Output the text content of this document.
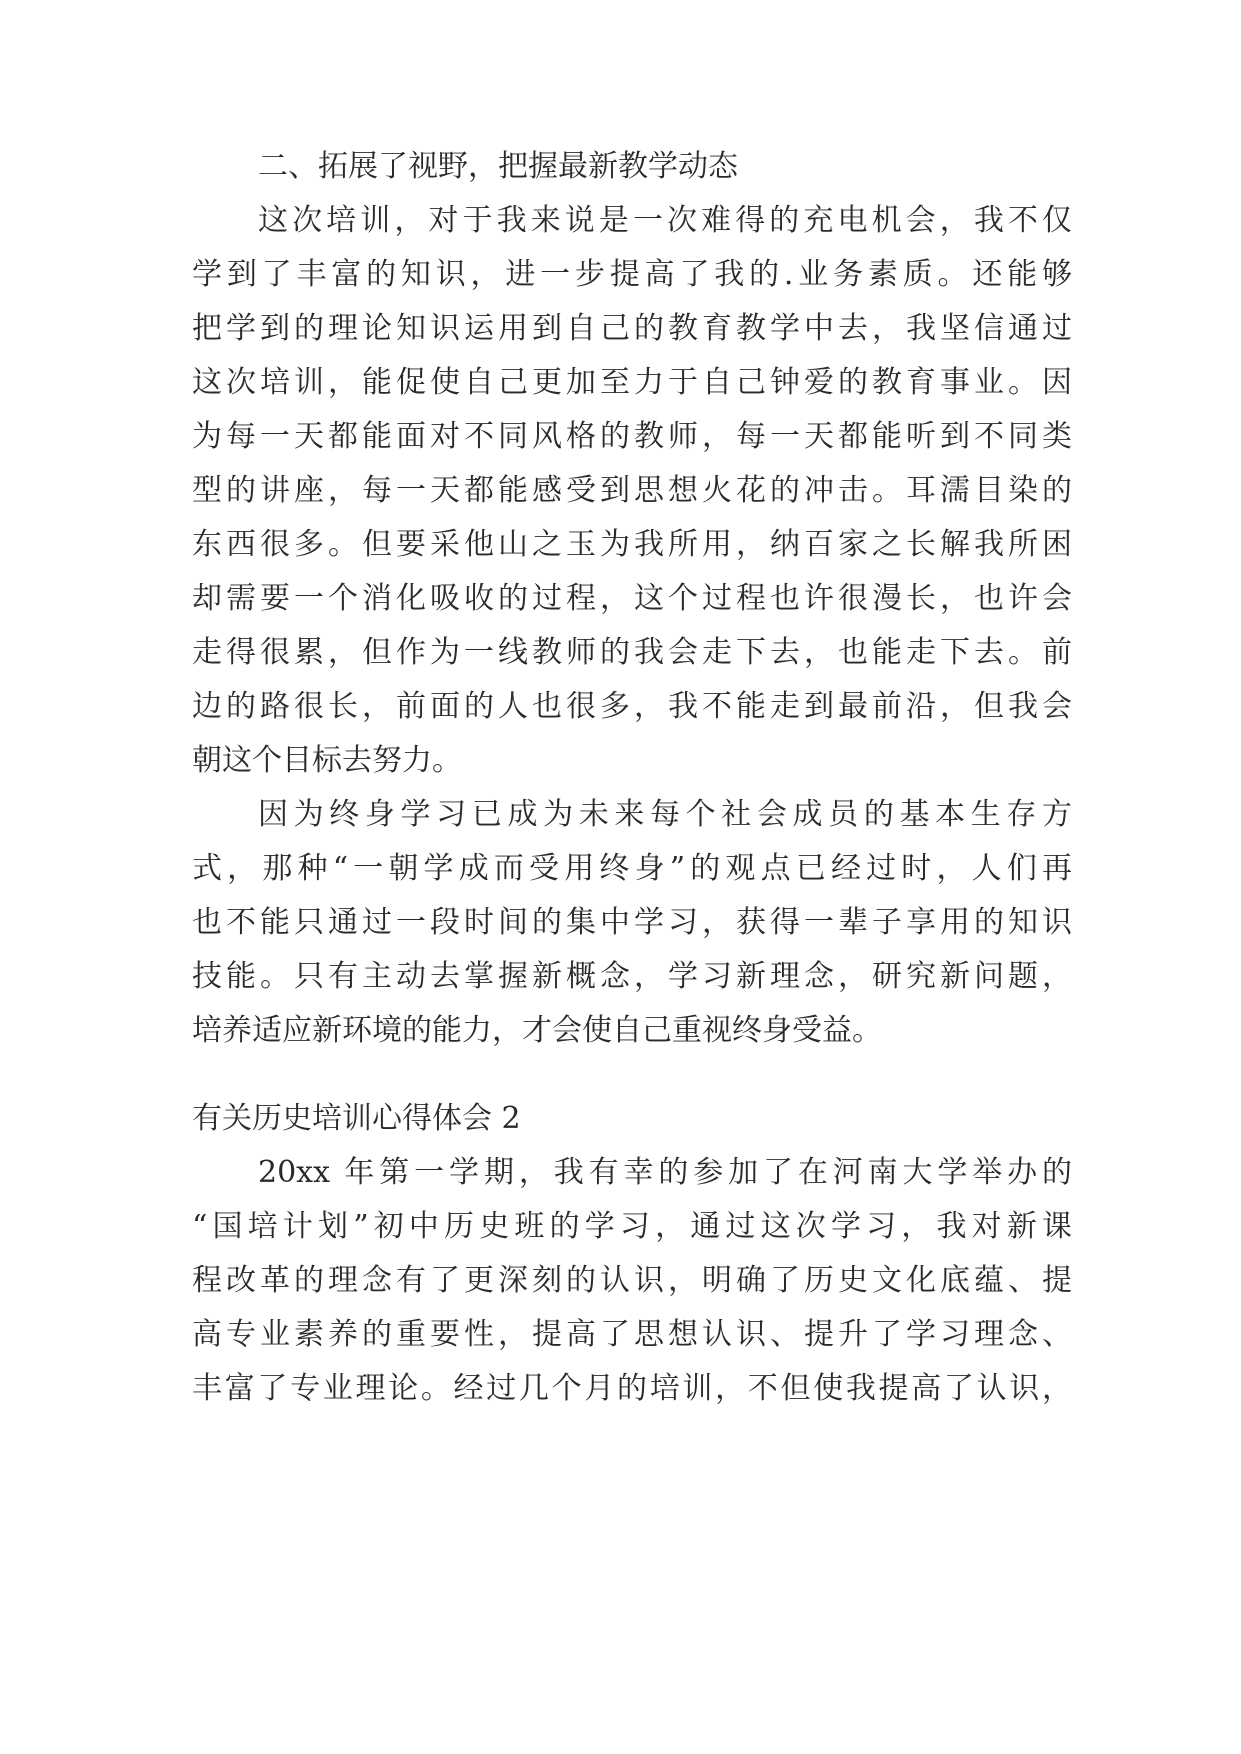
二、拓展了视野，把握最新教学动态

这次培训，对于我来说是一次难得的充电机会，我不仅

学到了丰富的知识，进一步提高了我的.业务素质。还能够

把学到的理论知识运用到自己的教育教学中去，我坚信通过

这次培训，能促使自己更加至力于自己钟爱的教育事业。因

为每一天都能面对不同风格的教师，每一天都能听到不同类

型的讲座，每一天都能感受到思想火花的冲击。耳濡目染的

东西很多。但要采他山之玉为我所用，纳百家之长解我所困

却需要一个消化吸收的过程，这个过程也许很漫长，也许会

走得很累，但作为一线教师的我会走下去，也能走下去。前

边的路很长，前面的人也很多，我不能走到最前沿，但我会

朝这个目标去努力。

因为终身学习已成为未来每个社会成员的基本生存方

式，那种“一朝学成而受用终身”的观点已经过时，人们再

也不能只通过一段时间的集中学习，获得一辈子享用的知识

技能。只有主动去掌握新概念，学习新理念，研究新问题，

培养适应新环境的能力，才会使自己重视终身受益。

有关历史培训心得体会 2

20xx 年第一学期，我有幸的参加了在河南大学举办的

“国培计划”初中历史班的学习，通过这次学习，我对新课

程改革的理念有了更深刻的认识，明确了历史文化底蕴、提

高专业素养的重要性，提高了思想认识、提升了学习理念、

丰富了专业理论。经过几个月的培训，不但使我提高了认识，
